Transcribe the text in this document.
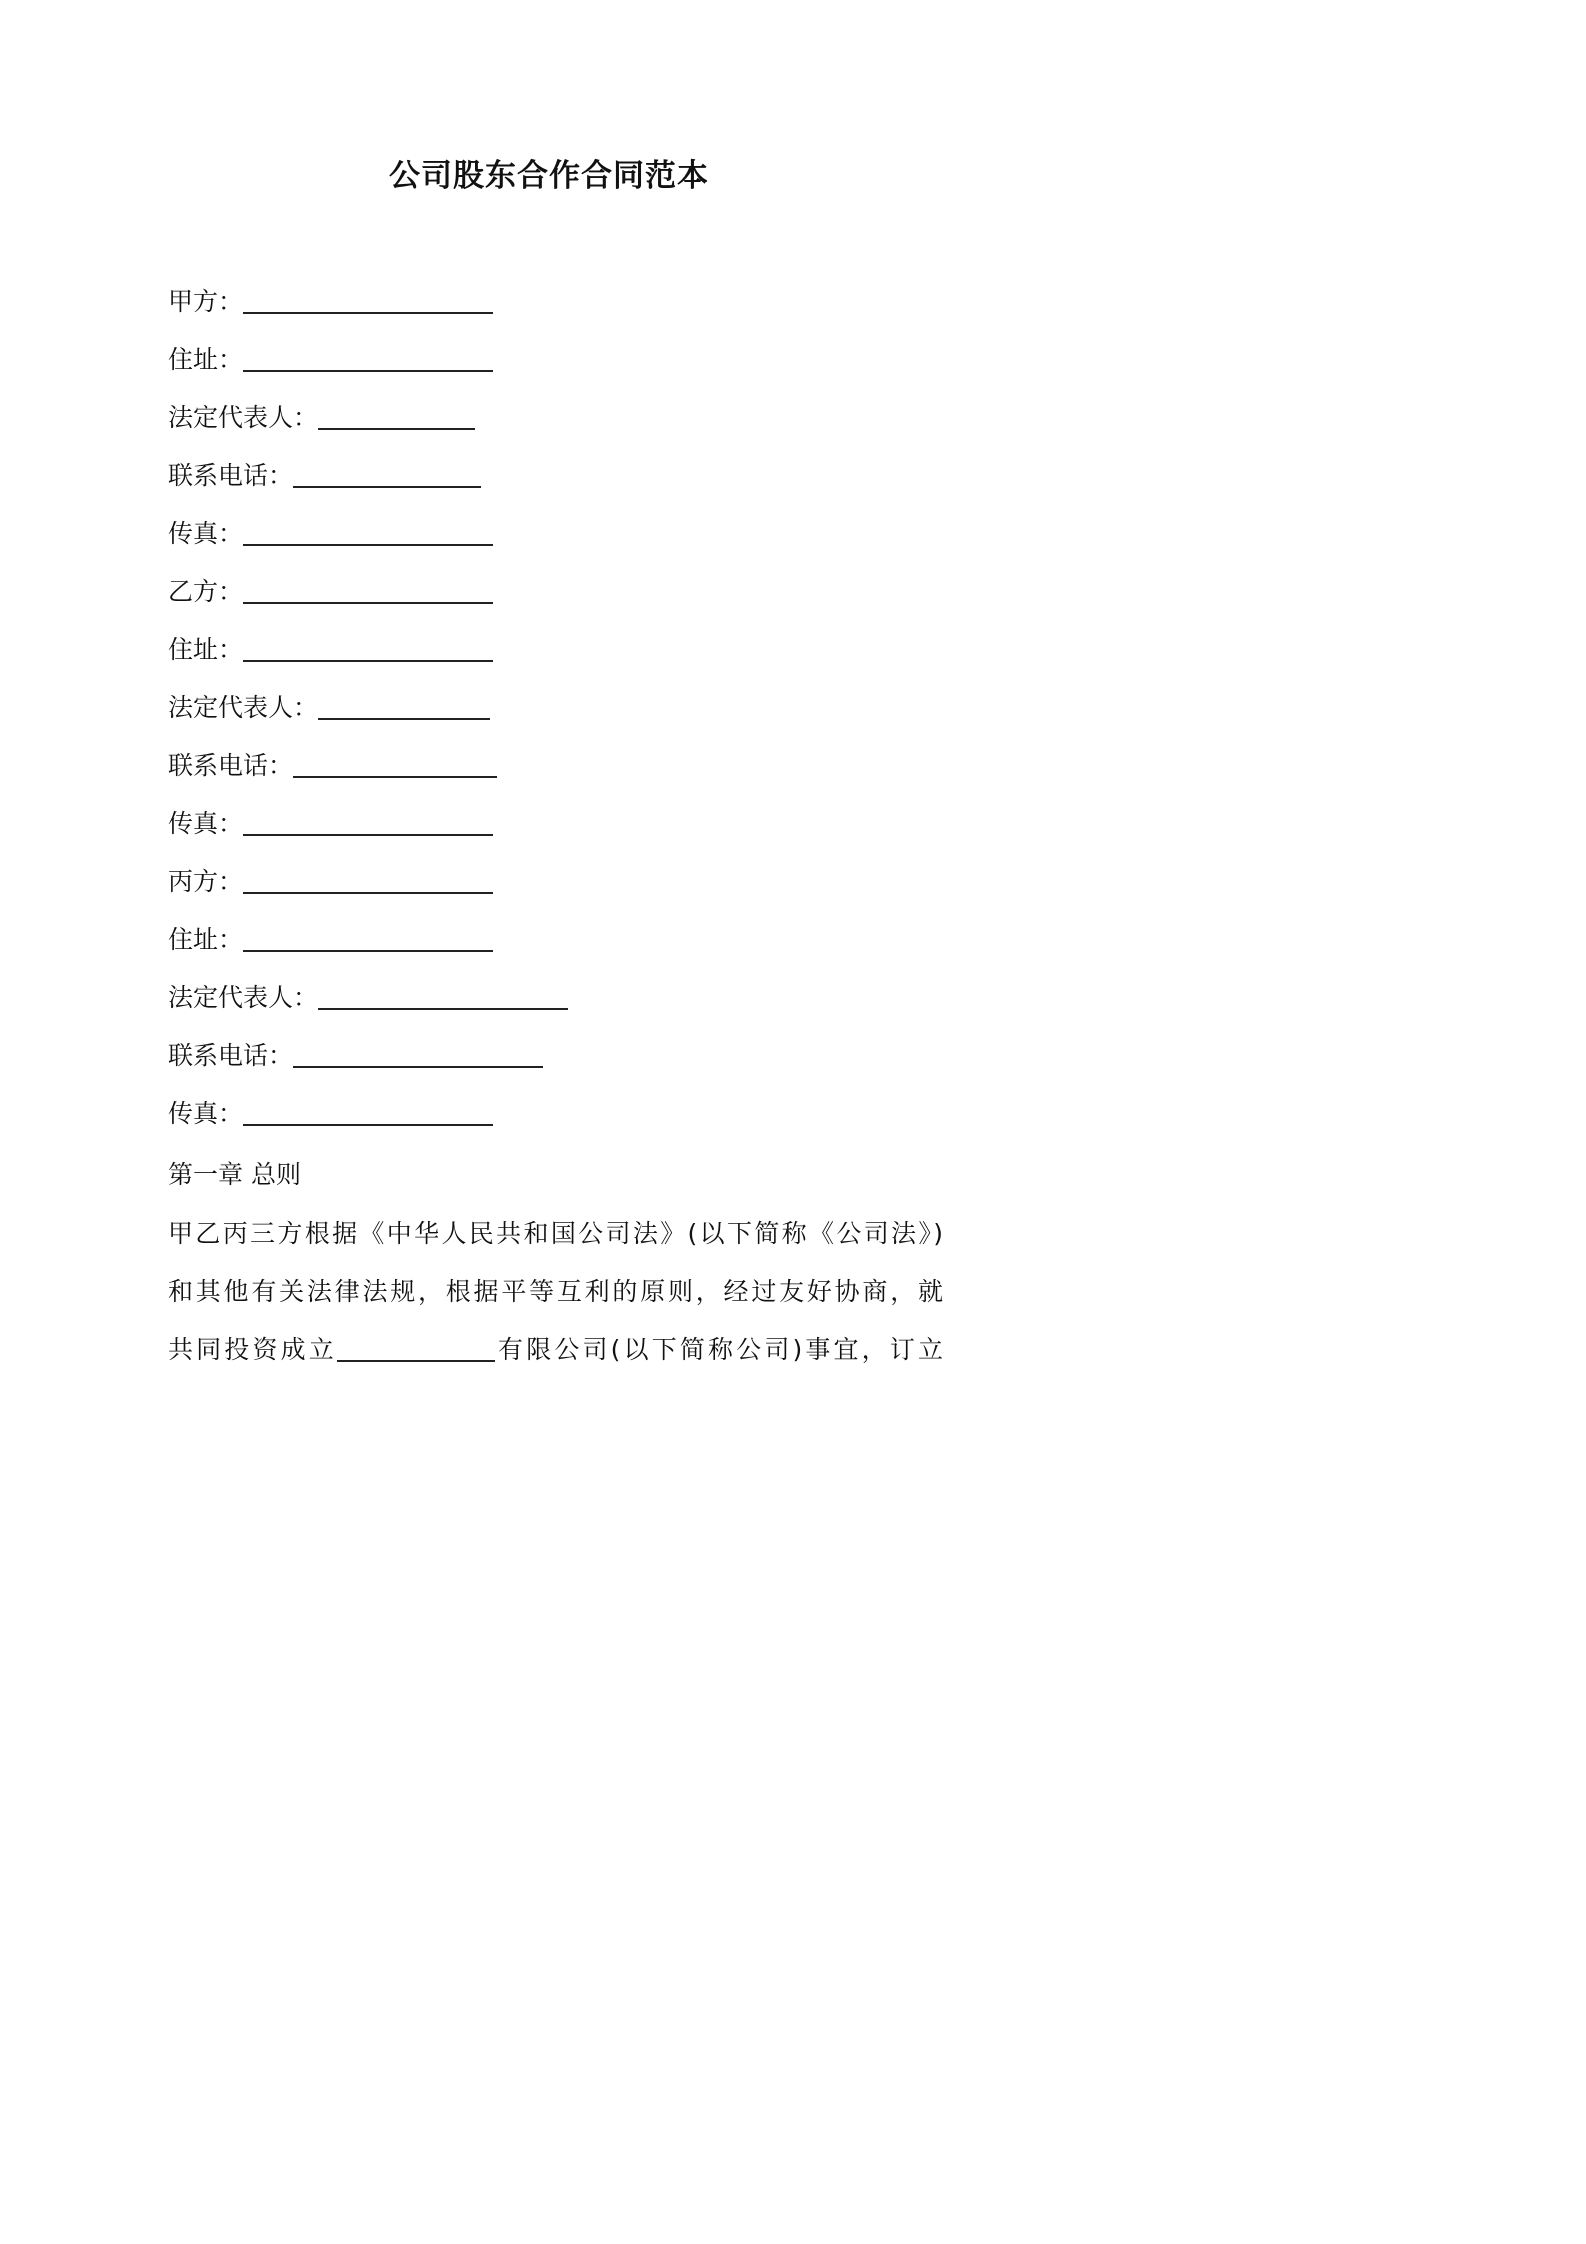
公司股东合作合同范本
甲方：
住址：
法定代表人：
联系电话：
传真：
乙方：
住址：
法定代表人：
联系电话：
传真：
丙方：
住址：
法定代表人：
联系电话：
传真：
第一章 总则
甲乙丙三方根据《中华人民共和国公司法》(以下简称《公司法》)
和其他有关法律法规，根据平等互利的原则，经过友好协商，就
共同投资成立	有限公司(以下简称公司)事宜，订立
